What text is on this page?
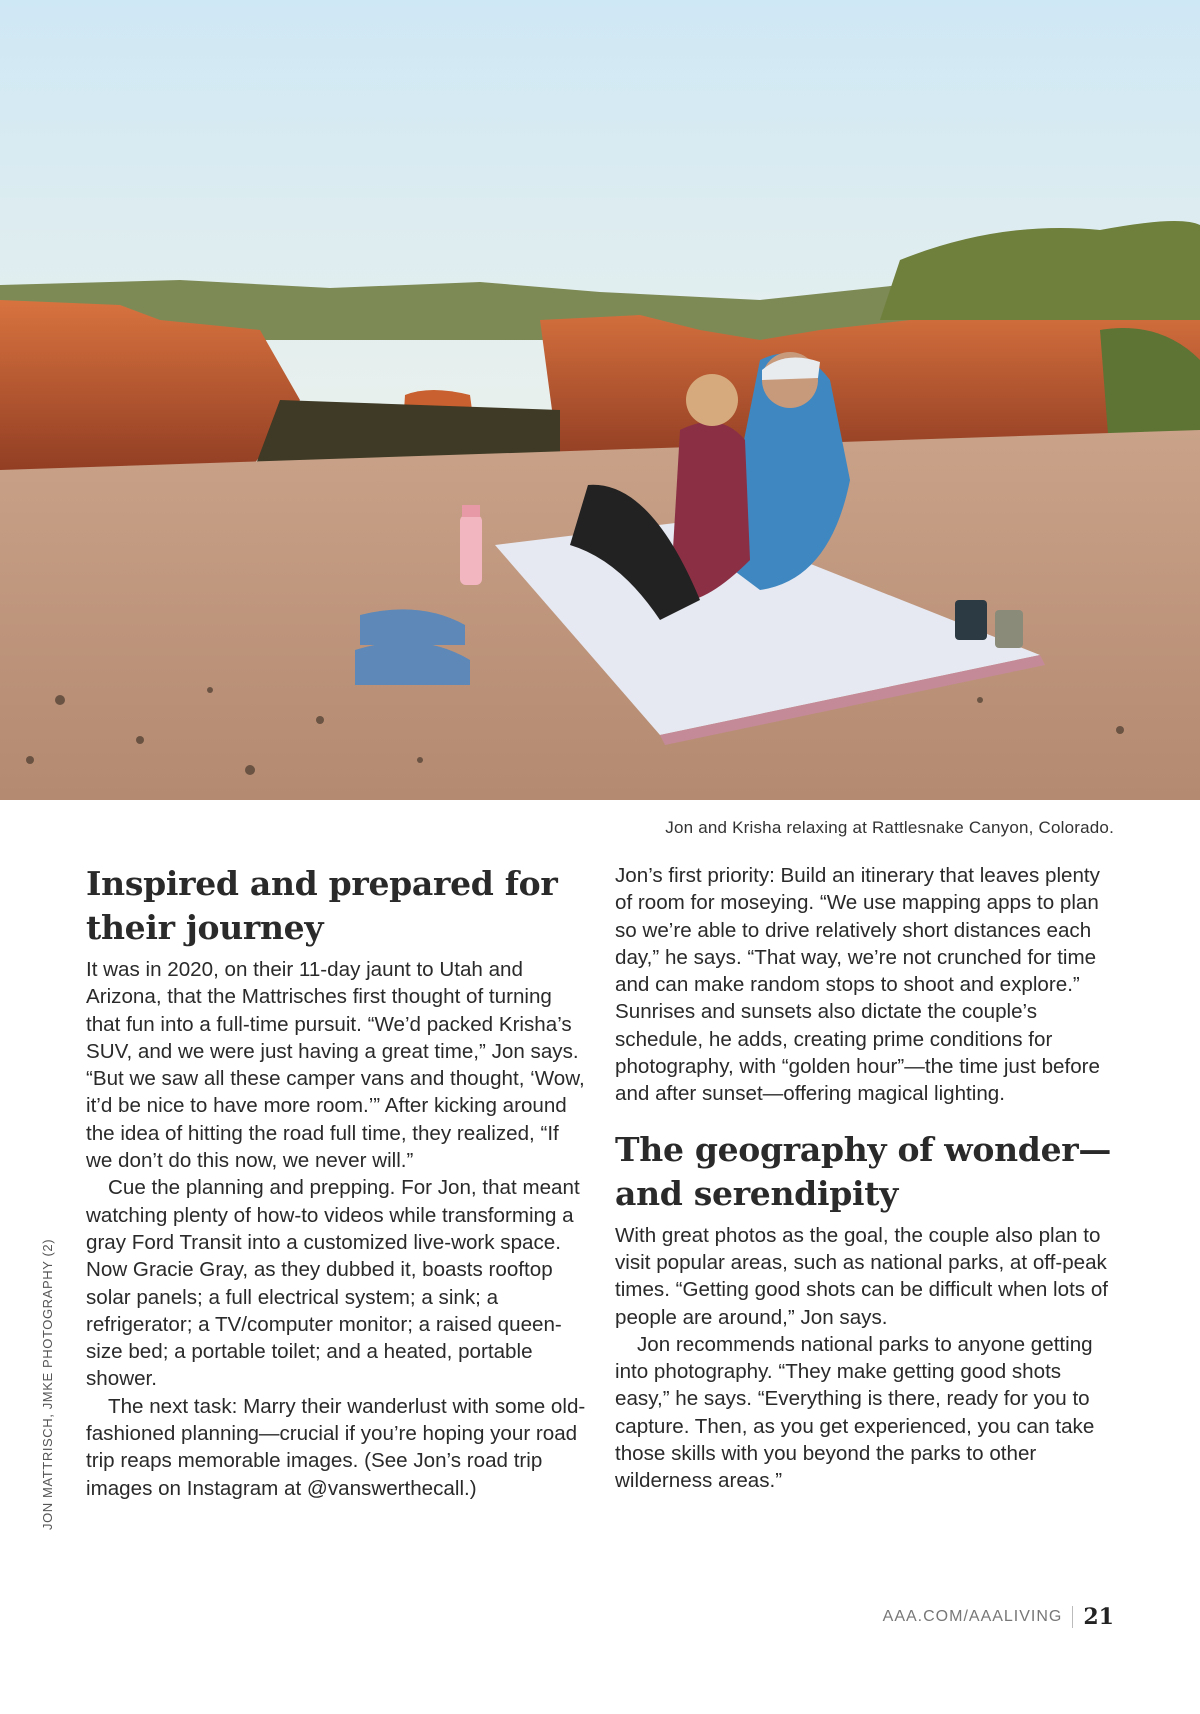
Jon and Krisha relaxing at Rattlesnake Canyon, Colorado.
JON MATTRISCH, JMKE PHOTOGRAPHY (2)
Inspired and prepared for their journey

It was in 2020, on their 11-day jaunt to Utah and Arizona, that the Mattrisches first thought of turning that fun into a full-time pursuit. “We’d packed Krisha’s SUV, and we were just having a great time,” Jon says. “But we saw all these camper vans and thought, ‘Wow, it’d be nice to have more room.’” After kicking around the idea of hitting the road full time, they realized, “If we don’t do this now, we never will.”

Cue the planning and prepping. For Jon, that meant watching plenty of how-to videos while transforming a gray Ford Transit into a customized live-work space. Now Gracie Gray, as they dubbed it, boasts rooftop solar panels; a full electrical system; a sink; a refrigerator; a TV/computer monitor; a raised queen-size bed; a portable toilet; and a heated, portable shower.

The next task: Marry their wanderlust with some old-fashioned planning—crucial if you’re hoping your road trip reaps memorable images. (See Jon’s road trip images on Instagram at @vanswerthecall.)

Jon’s first priority: Build an itinerary that leaves plenty of room for moseying. “We use mapping apps to plan so we’re able to drive relatively short distances each day,” he says. “That way, we’re not crunched for time and can make random stops to shoot and explore.” Sunrises and sunsets also dictate the couple’s schedule, he adds, creating prime conditions for photography, with “golden hour”—the time just before and after sunset—offering magical lighting.

The geography of wonder—and serendipity

With great photos as the goal, the couple also plan to visit popular areas, such as national parks, at off-peak times. “Getting good shots can be difficult when lots of people are around,” Jon says.

Jon recommends national parks to anyone getting into photography. “They make getting good shots easy,” he says. “Everything is there, ready for you to capture. Then, as you get experienced, you can take those skills with you beyond the parks to other wilderness areas.”

AAA.COM/AAALIVING 21
